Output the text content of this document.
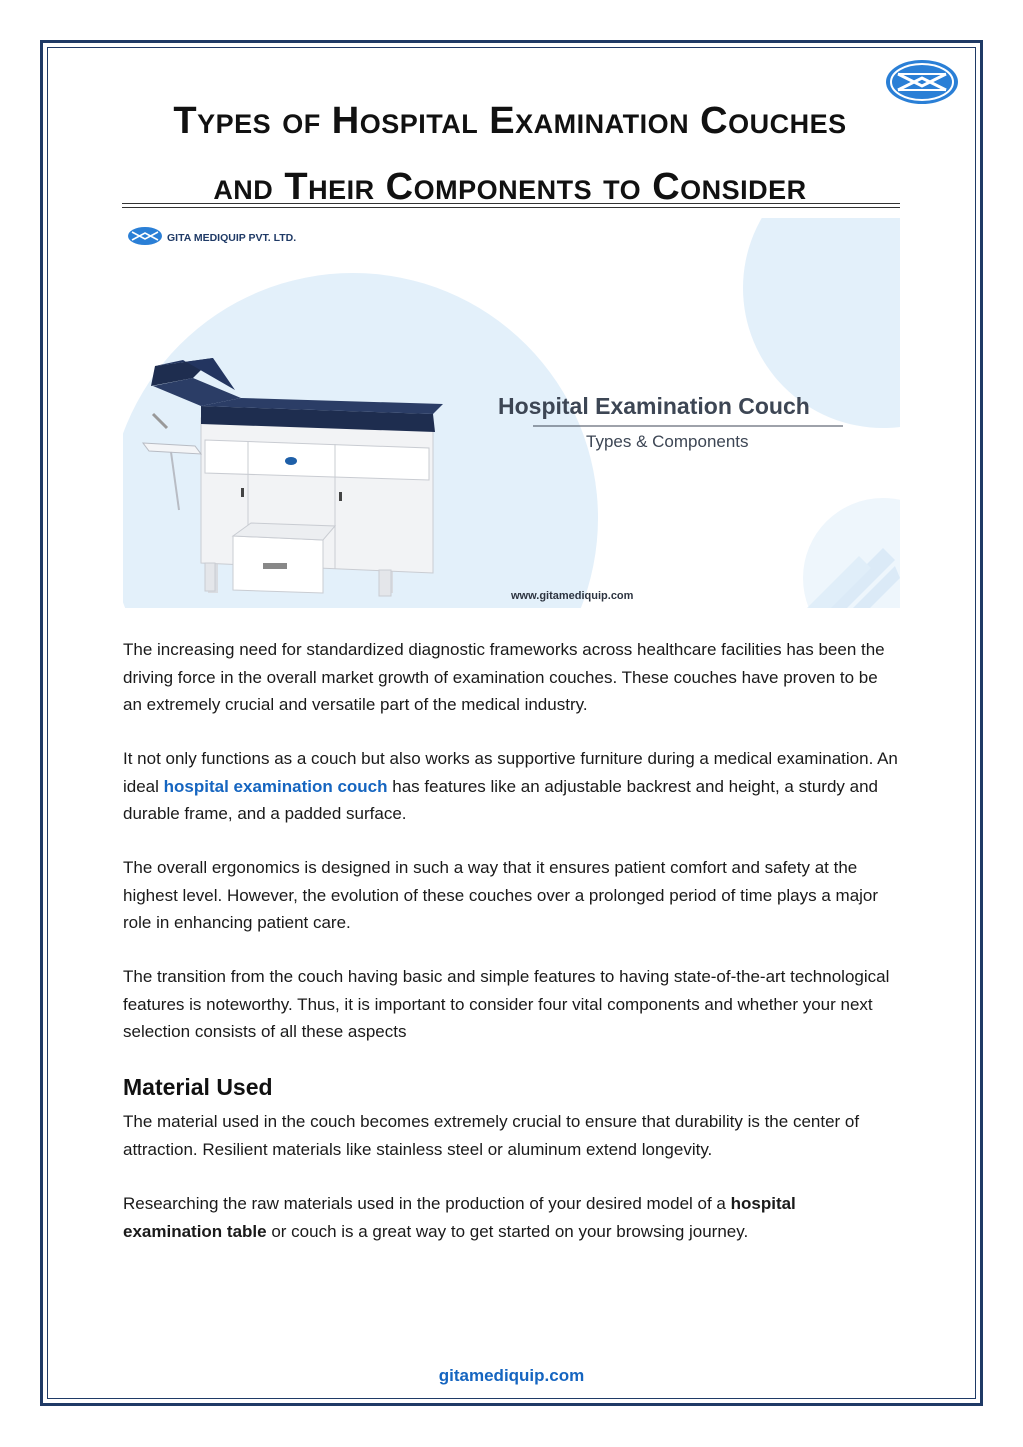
Types of Hospital Examination Couches
and Their Components to Consider
GITA MEDIQUIP PVT. LTD.
Hospital Examination Couch
Types & Components
www.gitamediquip.com

The increasing need for standardized diagnostic frameworks across healthcare facilities has been the driving force in the overall market growth of examination couches. These couches have proven to be an extremely crucial and versatile part of the medical industry.

It not only functions as a couch but also works as supportive furniture during a medical examination. An ideal hospital examination couch has features like an adjustable backrest and height, a sturdy and durable frame, and a padded surface.

The overall ergonomics is designed in such a way that it ensures patient comfort and safety at the highest level. However, the evolution of these couches over a prolonged period of time plays a major role in enhancing patient care.

The transition from the couch having basic and simple features to having state-of-the-art technological features is noteworthy. Thus, it is important to consider four vital components and whether your next selection consists of all these aspects

Material Used

The material used in the couch becomes extremely crucial to ensure that durability is the center of attraction. Resilient materials like stainless steel or aluminum extend longevity.

Researching the raw materials used in the production of your desired model of a hospital examination table or couch is a great way to get started on your browsing journey.

gitamediquip.com
